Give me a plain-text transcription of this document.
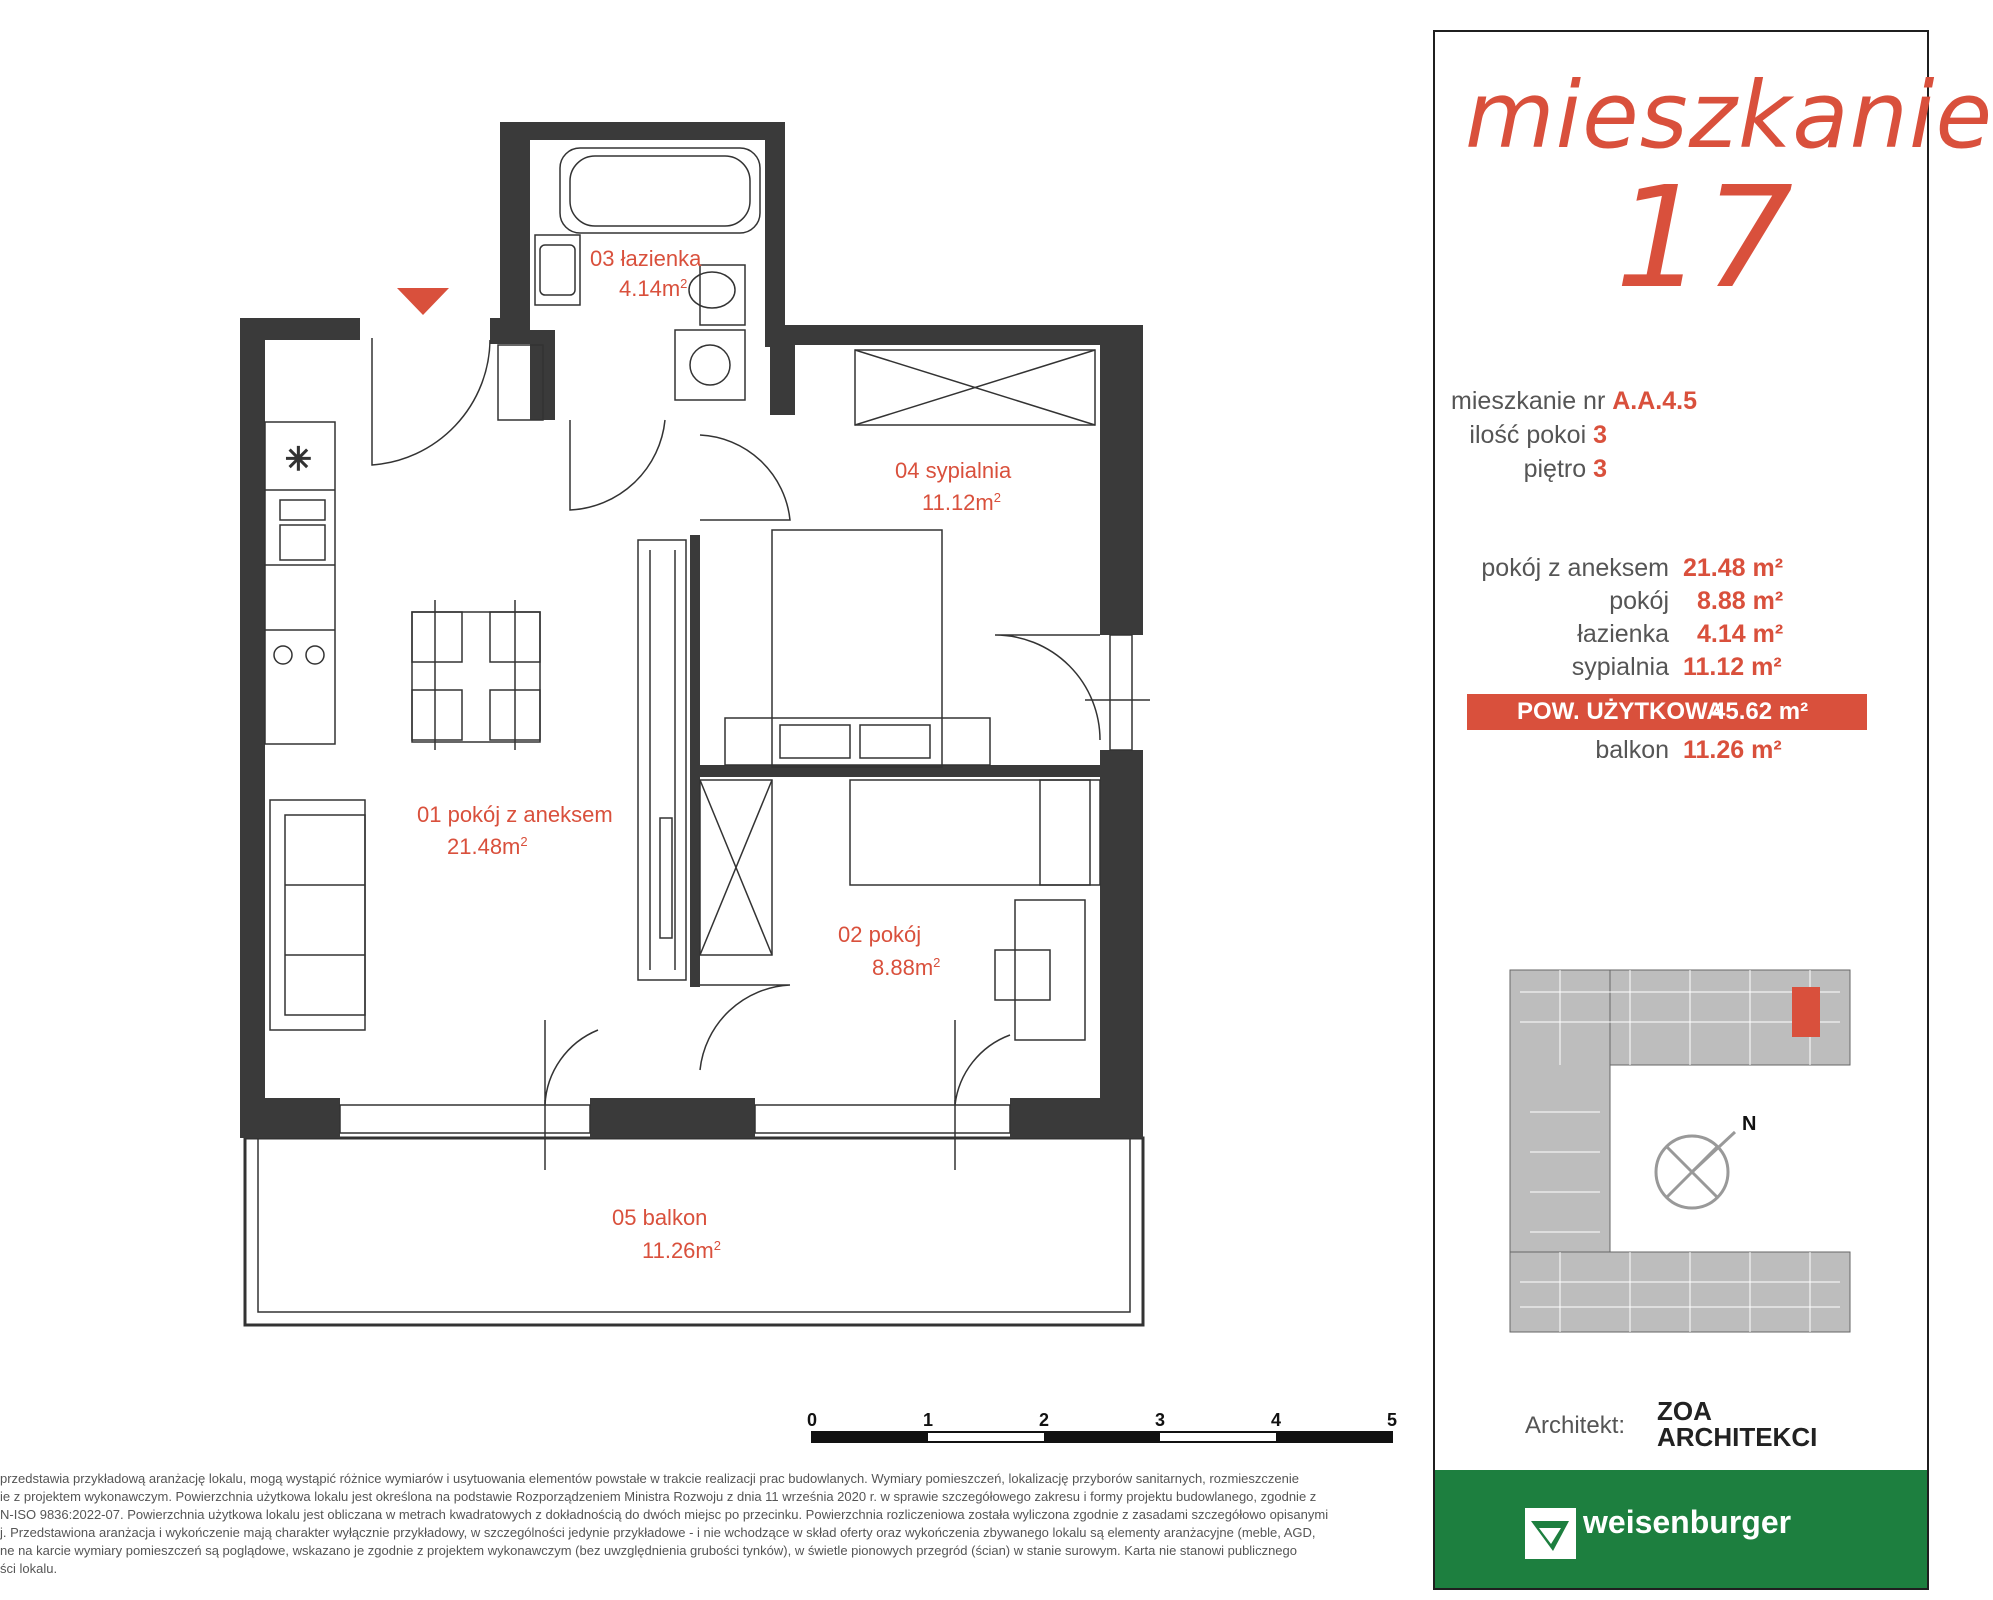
✳
03 łazienka
$4.14m^2$
04 sypialnia
$11.12m^2$
01 pokój z aneksem
$21.48m^2$
02 pokój
$8.88m^2$
05 balkon
$11.26m^2$
0	1	2	3	4	5
mieszkanie
17
mieszkanie nr A.A.4.5
ilość pokoi 3
piętro 3
pokój z aneksem 21.48 m²
pokój 8.88 m²
łazienka 4.14 m²
sypialnia 11.12 m²
POW. UŻYTKOWA
45.62 m²
balkon 11.26 m²
N
Architekt: ZOA
ARCHITEKCI
weisenburger

przedstawia przykładową aranżację lokalu, mogą wystąpić różnice wymiarów i usytuowania elementów powstałe w trakcie realizacji prac budowlanych. Wymiary pomieszczeń, lokalizację przyborów sanitarnych, rozmieszczenie

ie z projektem wykonawczym. Powierzchnia użytkowa lokalu jest określona na podstawie Rozporządzeniem Ministra Rozwoju z dnia 11 września 2020 r. w sprawie szczegółowego zakresu i formy projektu budowlanego, zgodnie z

N-ISO 9836:2022-07. Powierzchnia użytkowa lokalu jest obliczana w metrach kwadratowych z dokładnością do dwóch miejsc po przecinku. Powierzchnia rozliczeniowa została wyliczona zgodnie z zasadami szczegółowo opisanymi

j. Przedstawiona aranżacja i wykończenie mają charakter wyłącznie przykładowy, w szczególności jedynie przykładowe - i nie wchodzące w skład oferty oraz wykończenia zbywanego lokalu są elementy aranżacyjne (meble, AGD,

ne na karcie wymiary pomieszczeń są poglądowe, wskazano je zgodnie z projektem wykonawczym (bez uwzględnienia grubości tynków), w świetle pionowych przegród (ścian) w stanie surowym. Karta nie stanowi publicznego

ści lokalu.
